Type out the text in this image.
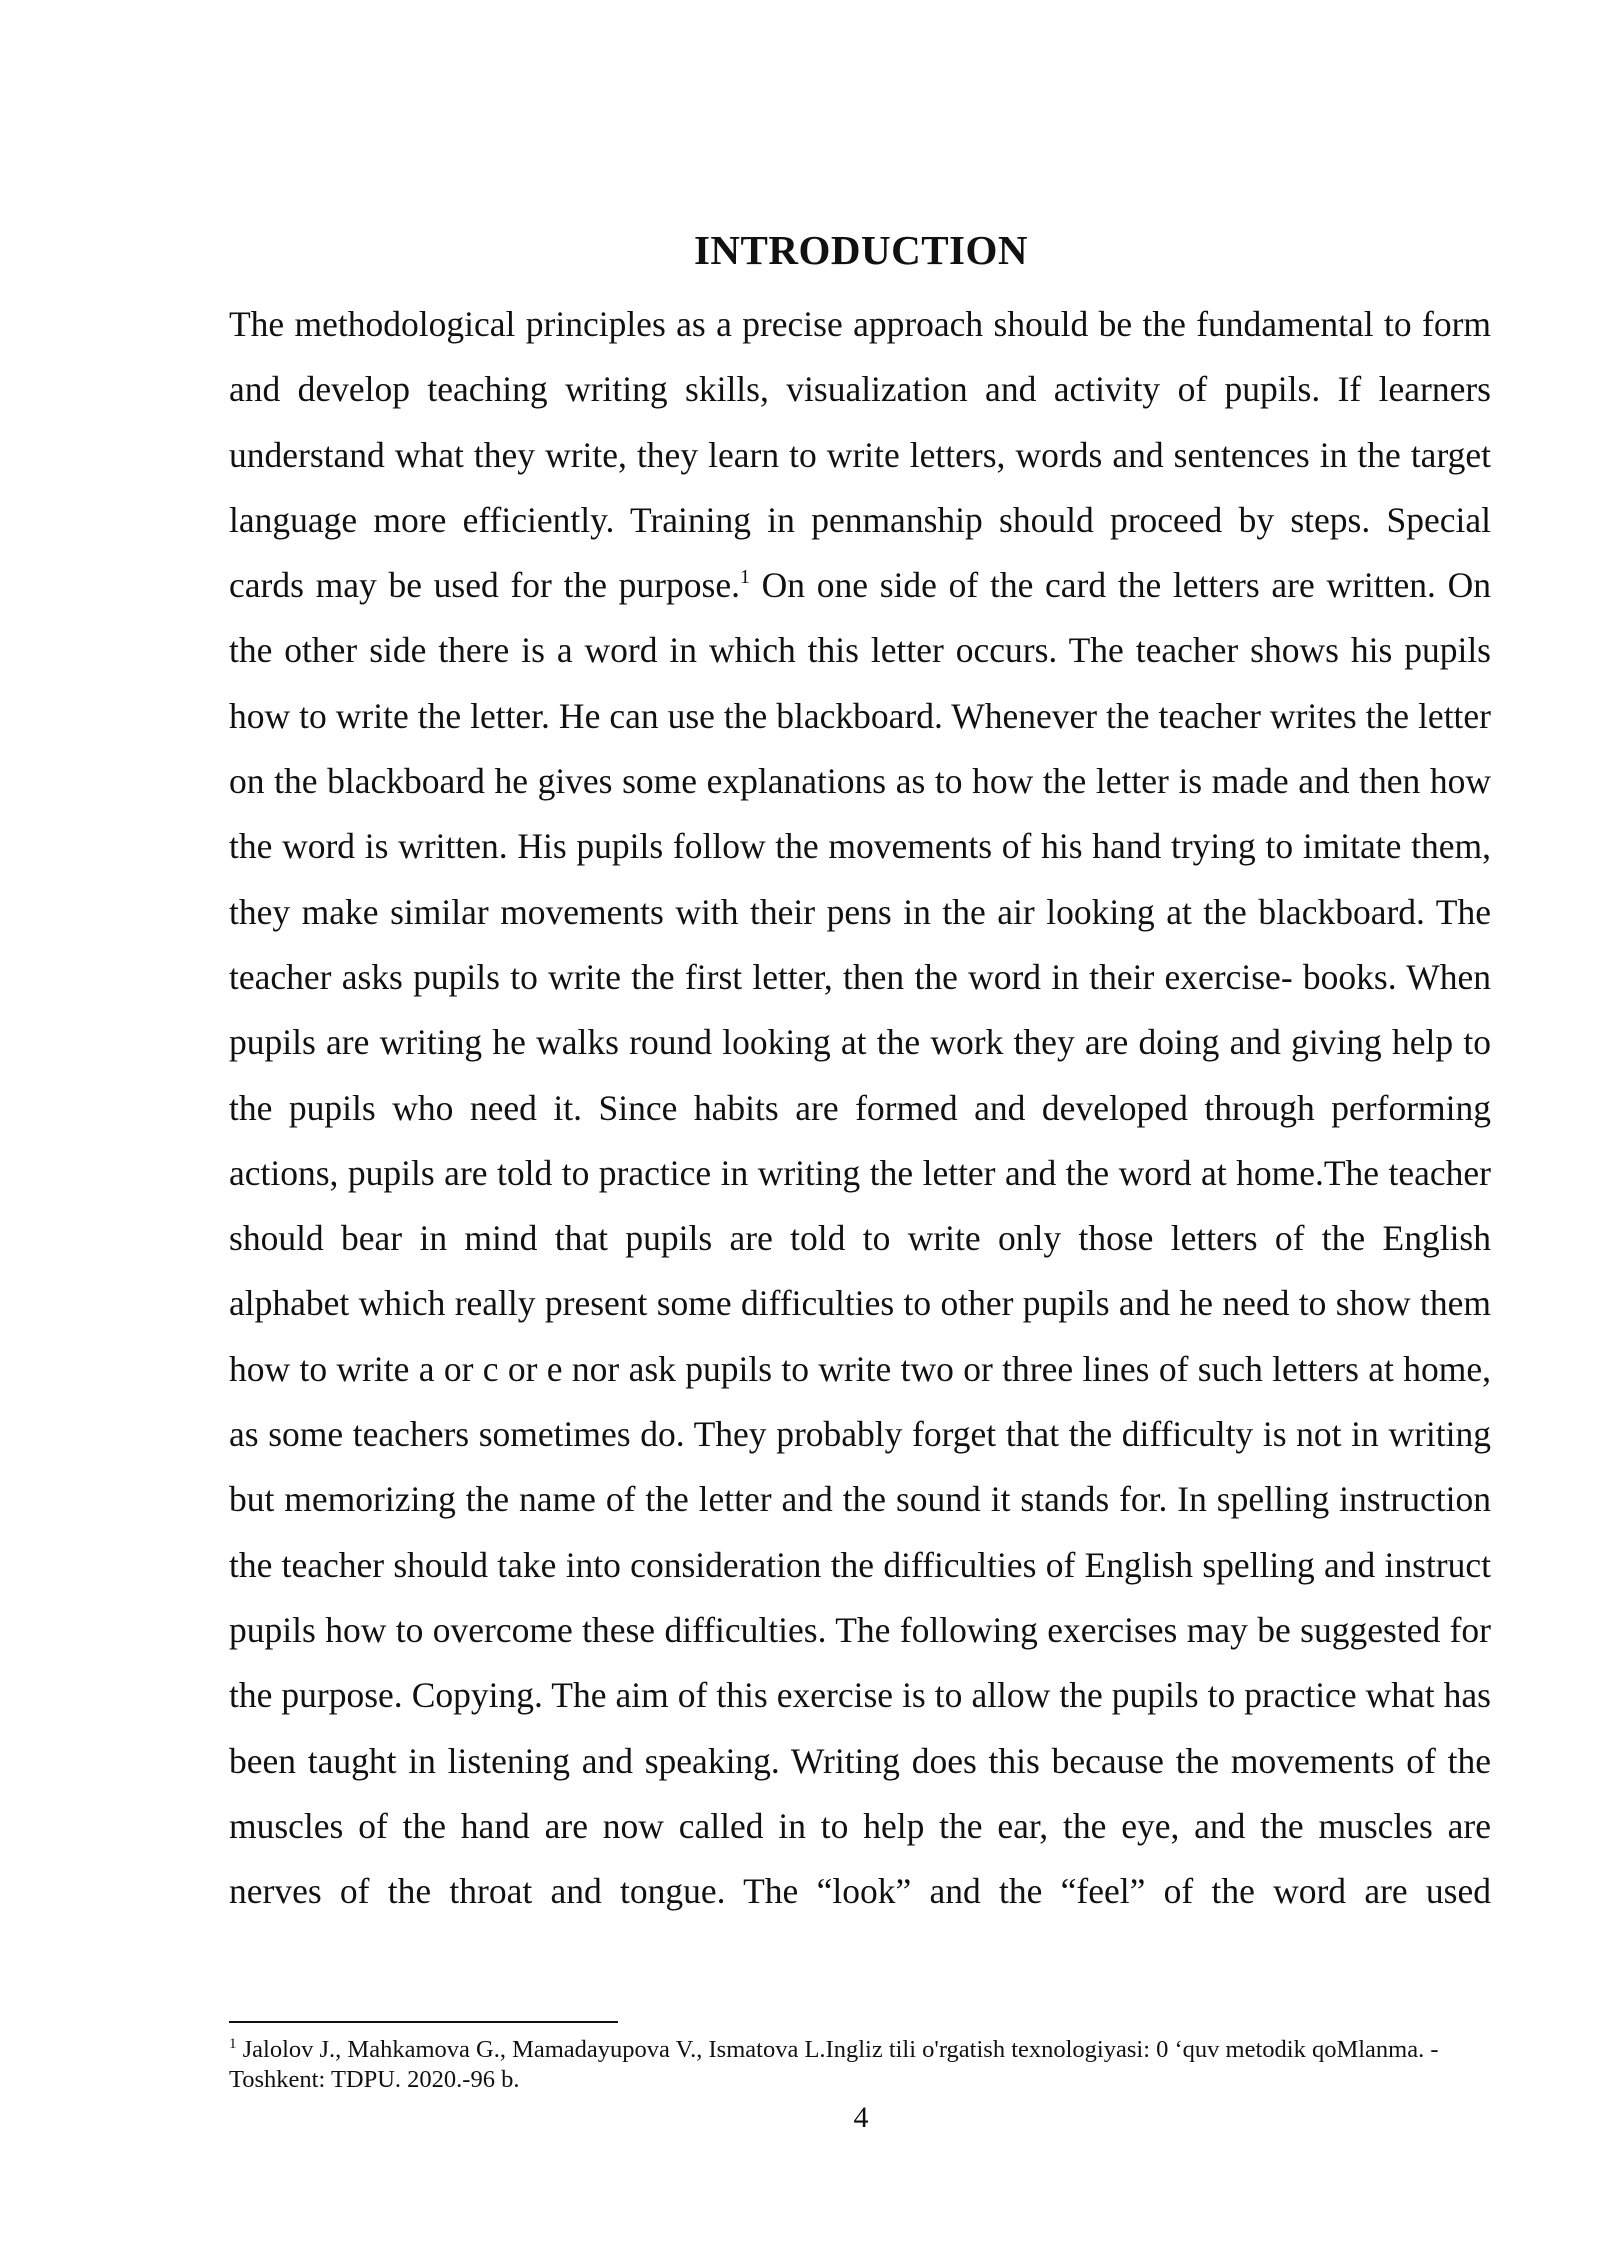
INTRODUCTION

The methodological principles as a precise approach should be the fundamental to form and develop teaching writing skills, visualization and activity of pupils. If learners understand what they write, they learn to write letters, words and sentences in the target language more efficiently. Training in penmanship should proceed by steps. Special cards may be used for the purpose.$^1$ On one side of the card the letters are written. On the other side there is a word in which this letter occurs. The teacher shows his pupils how to write the letter. He can use the blackboard. Whenever the teacher writes the letter on the blackboard he gives some explanations as to how the letter is made and then how the word is written. His pupils follow the movements of his hand trying to imitate them, they make similar movements with their pens in the air looking at the blackboard. The teacher asks pupils to write the first letter, then the word in their exercise- books. When pupils are writing he walks round looking at the work they are doing and giving help to the pupils who need it. Since habits are formed and developed through performing actions, pupils are told to practice in writing the letter and the word at home.The teacher should bear in mind that pupils are told to write only those letters of the English alphabet which really present some difficulties to other pupils and he need to show them how to write a or c or e nor ask pupils to write two or three lines of such letters at home, as some teachers sometimes do. They probably forget that the difficulty is not in writing but memorizing the name of the letter and the sound it stands for. In spelling instruction the teacher should take into consideration the difficulties of English spelling and instruct pupils how to overcome these difficulties. The following exercises may be suggested for the purpose. Copying. The aim of this exercise is to allow the pupils to practice what has been taught in listening and speaking. Writing does this because the movements of the muscles of the hand are now called in to help the ear, the eye, and the muscles are nerves of the throat and tongue. The “look” and the “feel” of the word are used

$^1$ Jalolov J., Mahkamova G., Mamadayupova V., Ismatova L.Ingliz tili o'rgatish texnologiyasi: 0 ‘quv metodik qoMlanma. -Toshkent: TDPU. 2020.-96 b.

4
